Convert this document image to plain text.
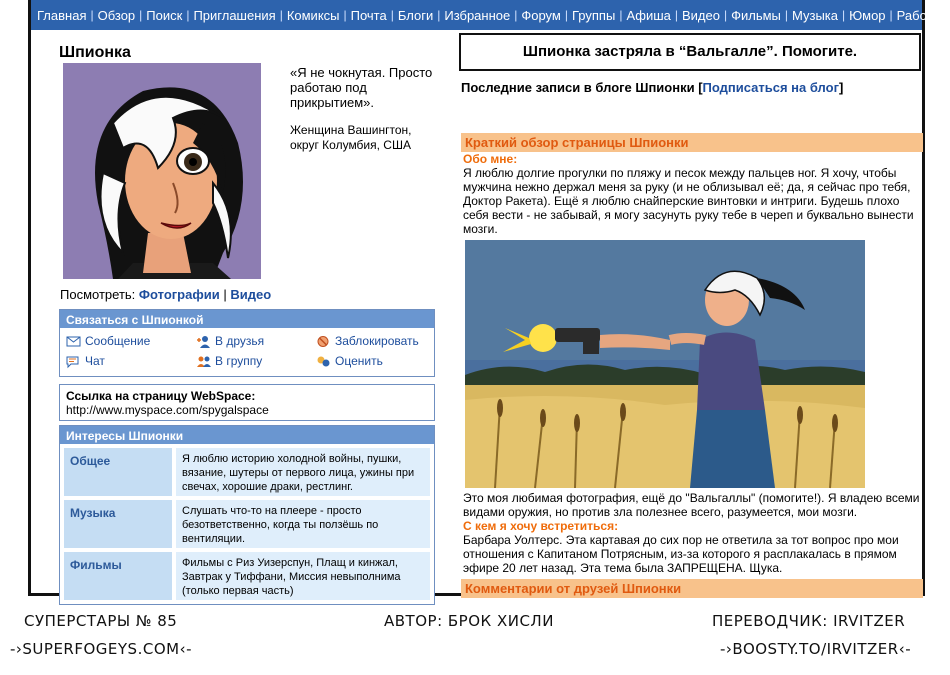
Главная | Обзор | Поиск | Приглашения | Комиксы | Почта | Блоги | Избранное | Форум | Группы | Афиша | Видео | Фильмы | Музыка | Юмор | Работа
Шпионка
«Я не чокнутая. Просто работаю под прикрытием».
Женщина Вашингтон, округ Колумбия, США
Посмотреть: Фотографии | Видео
Связаться с Шпионкой
Сообщение	В друзья	Заблокировать
Чат	В группу	Оценить
Ссылка на страницу WebSpace:
http://www.myspace.com/spygalspace
Интересы Шпионки
Общее	Я люблю историю холодной войны, пушки, вязание, шутеры от первого лица, ужины при свечах, хорошие драки, рестлинг.
Музыка	Слушать что-то на плеере - просто безответственно, когда ты ползёшь по вентиляции.
Фильмы	Фильмы с Риз Уизерспун, Плащ и кинжал, Завтрак у Тиффани, Миссия невыполнима (только первая часть)
Шпионка застряла в “Вальгалле”. Помогите.
Последние записи в блоге Шпионки [Подписаться на блог]
Краткий обзор страницы Шпионки
Обо мне:
Я люблю долгие прогулки по пляжу и песок между пальцев ног. Я хочу, чтобы мужчина нежно держал меня за руку (и не облизывал её; да, я сейчас про тебя, Доктор Ракета). Ещё я люблю снайперские винтовки и интриги. Будешь плохо себя вести - не забывай, я могу засунуть руку тебе в череп и буквально вынести мозги.
Это моя любимая фотография, ещё до "Вальгаллы" (помогите!). Я владею всеми видами оружия, но против зла полезнее всего, разумеется, мои мозги.
С кем я хочу встретиться:
Барбара Уолтерс. Эта картавая до сих пор не ответила за тот вопрос про мои отношения с Капитаном Потрясным, из-за которого я расплакалась в прямом эфире 20 лет назад. Эта тема была ЗАПРЕЩЕНА. Щука.
Комментарии от друзей Шпионки
СУПЕРСТАРЫ № 85	АВТОР: БРОК ХИСЛИ	ПЕРЕВОДЧИК: IRVITZER
-›SUPERFOGEYS.COM‹-	-›BOOSTY.TO/IRVITZER‹-
